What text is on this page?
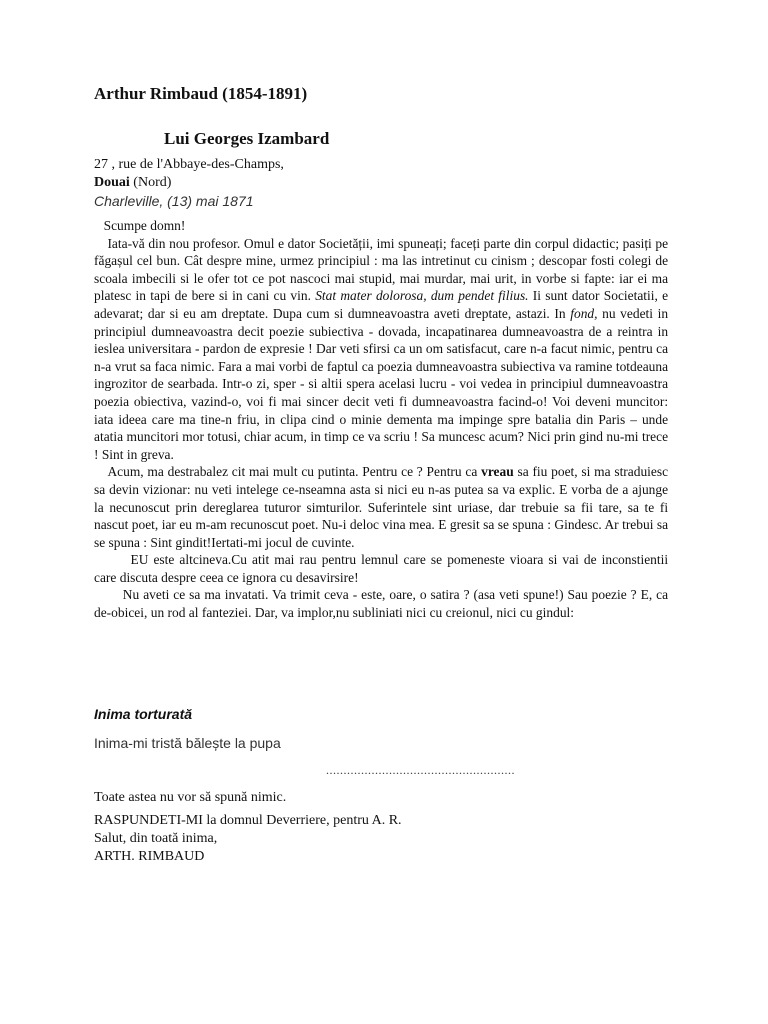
Arthur Rimbaud (1854-1891)
Lui Georges Izambard
27 , rue de l'Abbaye-des-Champs,
Douai (Nord)
Charleville, (13) mai 1871

Scumpe domn!

Iata-vă din nou profesor. Omul e dator Societății, imi spuneați; faceți parte din corpul didactic; pasiți pe făgașul cel bun. Cât despre mine, urmez principiul : ma las intretinut cu cinism ; descopar fosti colegi de scoala imbecili si le ofer tot ce pot nascoci mai stupid, mai murdar, mai urit, in vorbe si fapte: iar ei ma platesc in tapi de bere si in cani cu vin. Stat mater dolorosa, dum pendet filius. Ii sunt dator Societatii, e adevarat; dar si eu am dreptate. Dupa cum si dumneavoastra aveti dreptate, astazi. In fond, nu vedeti in principiul dumneavoastra decit poezie subiectiva - dovada, incapatinarea dumneavoastra de a reintra in ieslea universitara - pardon de expresie ! Dar veti sfirsi ca un om satisfacut, care n-a facut nimic, pentru ca n-a vrut sa faca nimic. Fara a mai vorbi de faptul ca poezia dumneavoastra subiectiva va ramine totdeauna ingrozitor de searbada. Intr-o zi, sper - si altii spera acelasi lucru - voi vedea in principiul dumneavoastra poezia obiectiva, vazind-o, voi fi mai sincer decit veti fi dumneavoastra facind-o! Voi deveni muncitor: iata ideea care ma tine-n friu, in clipa cind o minie dementa ma impinge spre batalia din Paris – unde atatia muncitori mor totusi, chiar acum, in timp ce va scriu ! Sa muncesc acum? Nici prin gind nu-mi trece ! Sint in greva.

Acum, ma destrabalez cit mai mult cu putinta. Pentru ce ? Pentru ca vreau sa fiu poet, si ma straduiesc sa devin vizionar: nu veti intelege ce-nseamna asta si nici eu n-as putea sa va explic. E vorba de a ajunge la necunoscut prin dereglarea tuturor simturilor. Suferintele sint uriase, dar trebuie sa fii tare, sa te fi nascut poet, iar eu m-am recunoscut poet. Nu-i deloc vina mea. E gresit sa se spuna : Gindesc. Ar trebui sa se spuna : Sint gindit!Iertati-mi jocul de cuvinte.

EU este altcineva.Cu atit mai rau pentru lemnul care se pomeneste vioara si vai de inconstientii care discuta despre ceea ce ignora cu desavirsire!

Nu aveti ce sa ma invatati. Va trimit ceva - este, oare, o satira ? (asa veti spune!) Sau poezie ? E, ca de-obicei, un rod al fanteziei. Dar, va implor,nu subliniati nici cu creionul, nici cu gindul:

Inima torturată
Inima-mi tristă bălește la pupa
......................................................
Toate astea nu vor să spună nimic.
RASPUNDETI-MI la domnul Deverriere, pentru A. R.
Salut, din toată inima,
ARTH. RIMBAUD
